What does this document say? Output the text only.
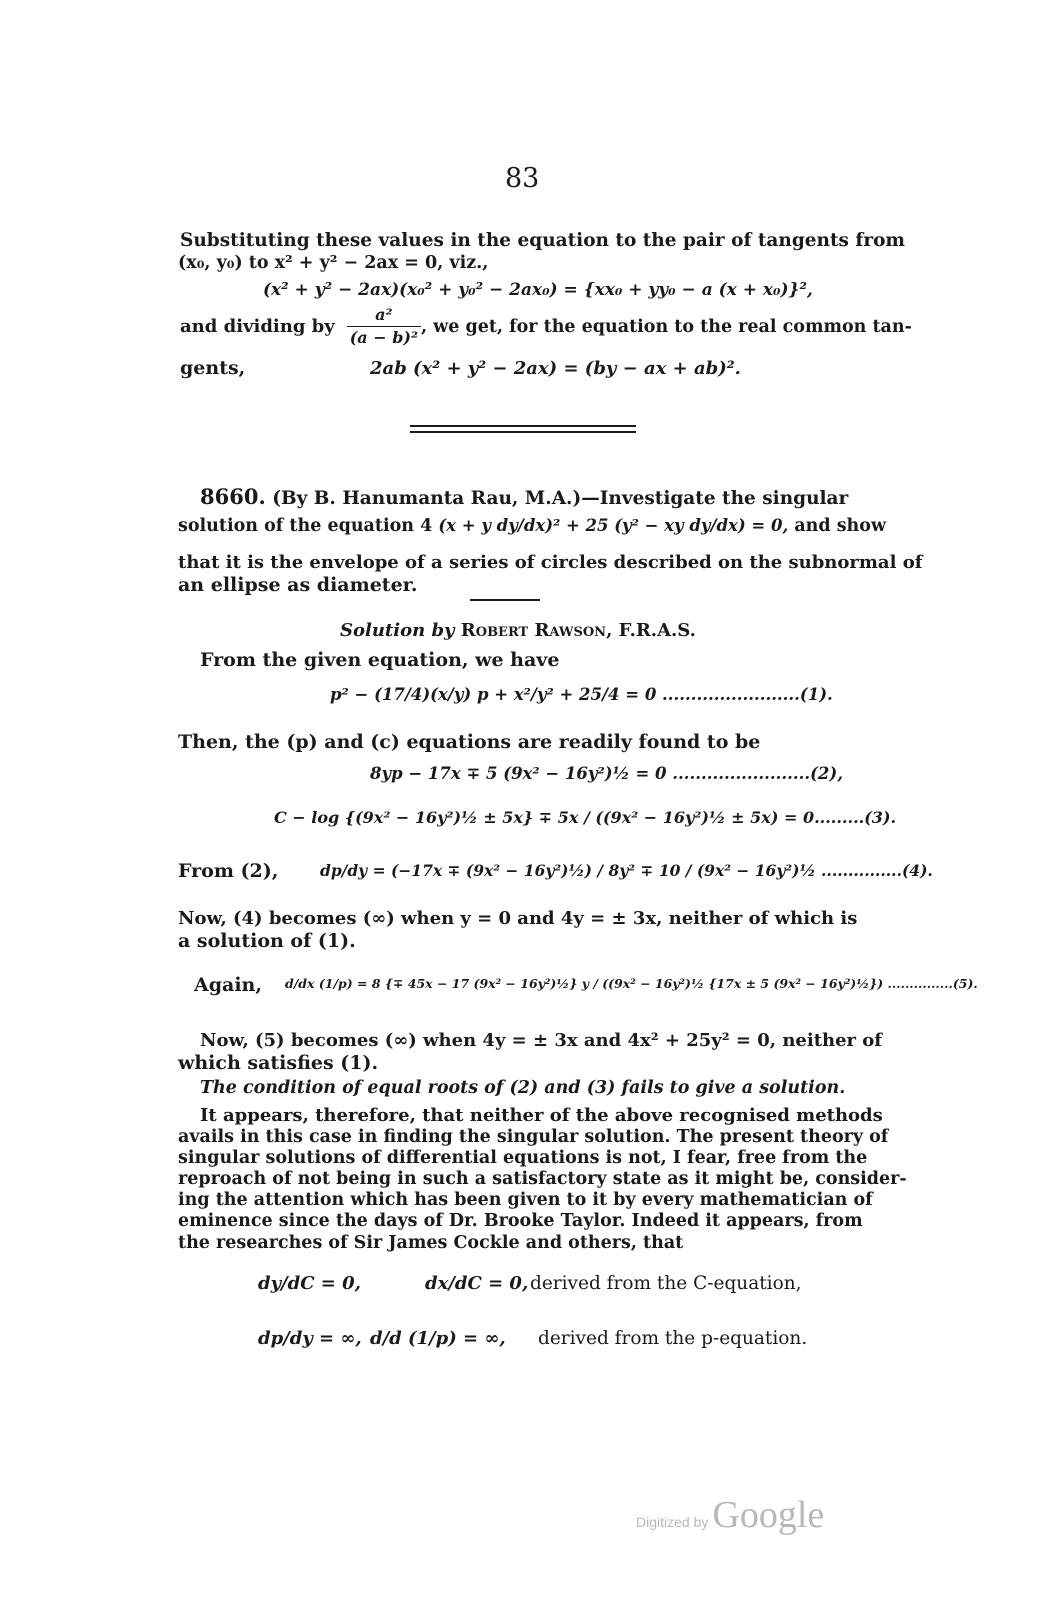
83
Substituting these values in the equation to the pair of tangents from
(x₀, y₀) to x² + y² − 2ax = 0, viz.,
(x² + y² − 2ax)(x₀² + y₀² − 2ax₀) = {xx₀ + yy₀ − a (x + x₀)}²,
and dividing by $\frac{\text{a²}}{\text{(a − b)²}}$ , we get, for the equation to the real common tan-
gents,	2ab (x² + y² − 2ax) = (by − ax + ab)².
8660. (By B. Hanumanta Rau, M.A.)—Investigate the singular
solution of the equation 4 (x + y dy/dx)² + 25 (y² − xy dy/dx) = 0, and show
that it is the envelope of a series of circles described on the subnormal of
an ellipse as diameter.
Solution by Robert Rawson, F.R.A.S.
From the given equation, we have
p² − (17/4)(x/y) p + x²/y² + 25/4 = 0 ........................(1).
Then, the (p) and (c) equations are readily found to be
8yp − 17x ∓ 5 (9x² − 16y²)½ = 0 ........................(2),
C − log {(9x² − 16y²)½ ± 5x} ∓ 5x / ((9x² − 16y²)½ ± 5x) = 0.........(3).
From (2),	dp/dy = (−17x ∓ (9x² − 16y²)½) / 8y² ∓ 10 / (9x² − 16y²)½ ...............(4).
Now, (4) becomes (∞) when y = 0 and 4y = ± 3x, neither of which is
a solution of (1).
Again, d/dx (1/p) = 8 {∓ 45x − 17 (9x² − 16y²)½} y / ((9x² − 16y²)½ {17x ± 5 (9x² − 16y²)½}) ...............(5).
Now, (5) becomes (∞) when 4y = ± 3x and 4x² + 25y² = 0, neither of
which satisfies (1).
The condition of equal roots of (2) and (3) fails to give a solution.
It appears, therefore, that neither of the above recognised methods
avails in this case in finding the singular solution. The present theory of
singular solutions of differential equations is not, I fear, free from the
reproach of not being in such a satisfactory state as it might be, consider-
ing the attention which has been given to it by every mathematician of
eminence since the days of Dr. Brooke Taylor. Indeed it appears, from
the researches of Sir James Cockle and others, that
dy/dC = 0,	dx/dC = 0, derived from the C-equation,
dp/dy = ∞, d/d (1/p) = ∞, derived from the p-equation.
Digitized by Google
